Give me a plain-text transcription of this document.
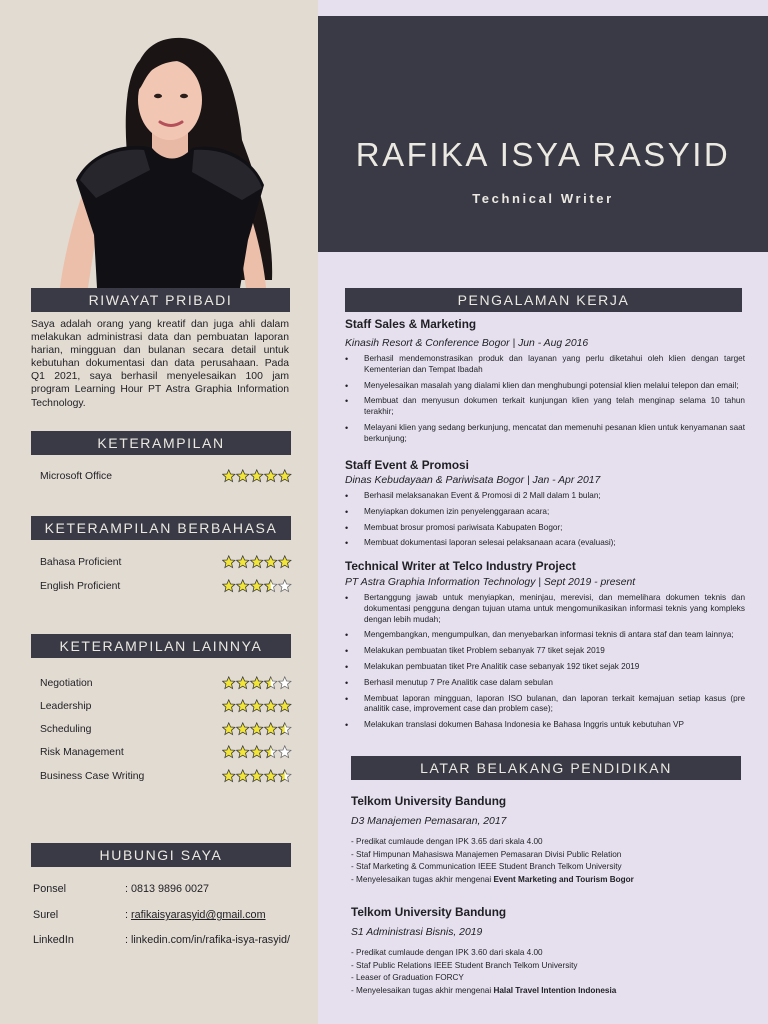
RIWAYAT PRIBADI
Saya adalah orang yang kreatif dan juga ahli dalam melakukan administrasi data dan pembuatan laporan harian, mingguan dan bulanan secara detail untuk kebutuhan dokumentasi dan data perusahaan. Pada Q1 2021, saya berhasil menyelesaikan 100 jam program Learning Hour PT Astra Graphia Information Technology.
KETERAMPILAN
Microsoft Office
KETERAMPILAN BERBAHASA
Bahasa Proficient
English Proficient
KETERAMPILAN LAINNYA
Negotiation
Leadership
Scheduling
Risk Management
Business Case Writing
HUBUNGI SAYA
Ponsel	: 0813 9896 0027
Surel	: rafikaisyarasyid@gmail.com
LinkedIn	: linkedin.com/in/rafika-isya-rasyid/
RAFIKA ISYA RASYID
Technical Writer
PENGALAMAN KERJA
Staff Sales & Marketing
Kinasih Resort & Conference Bogor | Jun - Aug 2016
• Berhasil mendemonstrasikan produk dan layanan yang perlu diketahui oleh klien dengan target Kementerian dan Tempat Ibadah
• Menyelesaikan masalah yang dialami klien dan menghubungi potensial klien melalui telepon dan email;
• Membuat dan menyusun dokumen terkait kunjungan klien yang telah menginap selama 10 tahun terakhir;
• Melayani klien yang sedang berkunjung, mencatat dan memenuhi pesanan klien untuk kenyamanan saat berkunjung;
Staff Event & Promosi
Dinas Kebudayaan & Pariwisata Bogor | Jan - Apr 2017
• Berhasil melaksanakan Event & Promosi di 2 Mall dalam 1 bulan;
• Menyiapkan dokumen izin penyelenggaraan acara;
• Membuat brosur promosi pariwisata Kabupaten Bogor;
• Membuat dokumentasi laporan selesai pelaksanaan acara (evaluasi);
Technical Writer at Telco Industry Project
PT Astra Graphia Information Technology | Sept 2019 - present
• Bertanggung jawab untuk menyiapkan, meninjau, merevisi, dan memelihara dokumen teknis dan dokumentasi pengguna dengan tujuan utama untuk mengomunikasikan informasi teknis yang kompleks dengan lebih mudah;
• Mengembangkan, mengumpulkan, dan menyebarkan informasi teknis di antara staf dan team lainnya;
• Melakukan pembuatan tiket Problem sebanyak 77 tiket sejak 2019
• Melakukan pembuatan tiket Pre Analitik case sebanyak 192 tiket sejak 2019
• Berhasil menutup 7 Pre Analitik case dalam sebulan
• Membuat laporan mingguan, laporan ISO bulanan, dan laporan terkait kemajuan setiap kasus (pre analitik case, improvement case dan problem case);
• Melakukan translasi dokumen Bahasa Indonesia ke Bahasa Inggris untuk kebutuhan VP
LATAR BELAKANG PENDIDIKAN
Telkom University Bandung
D3 Manajemen Pemasaran, 2017
- Predikat cumlaude dengan IPK 3.65 dari skala 4.00
- Staf Himpunan Mahasiswa Manajemen Pemasaran Divisi Public Relation
- Staf Marketing & Communication IEEE Student Branch Telkom University
- Menyelesaikan tugas akhir mengenai Event Marketing and Tourism Bogor
Telkom University Bandung
S1 Administrasi Bisnis, 2019
- Predikat cumlaude dengan IPK 3.60 dari skala 4.00
- Staf Public Relations IEEE Student Branch Telkom University
- Leaser of Graduation FORCY
- Menyelesaikan tugas akhir mengenai Halal Travel Intention Indonesia
